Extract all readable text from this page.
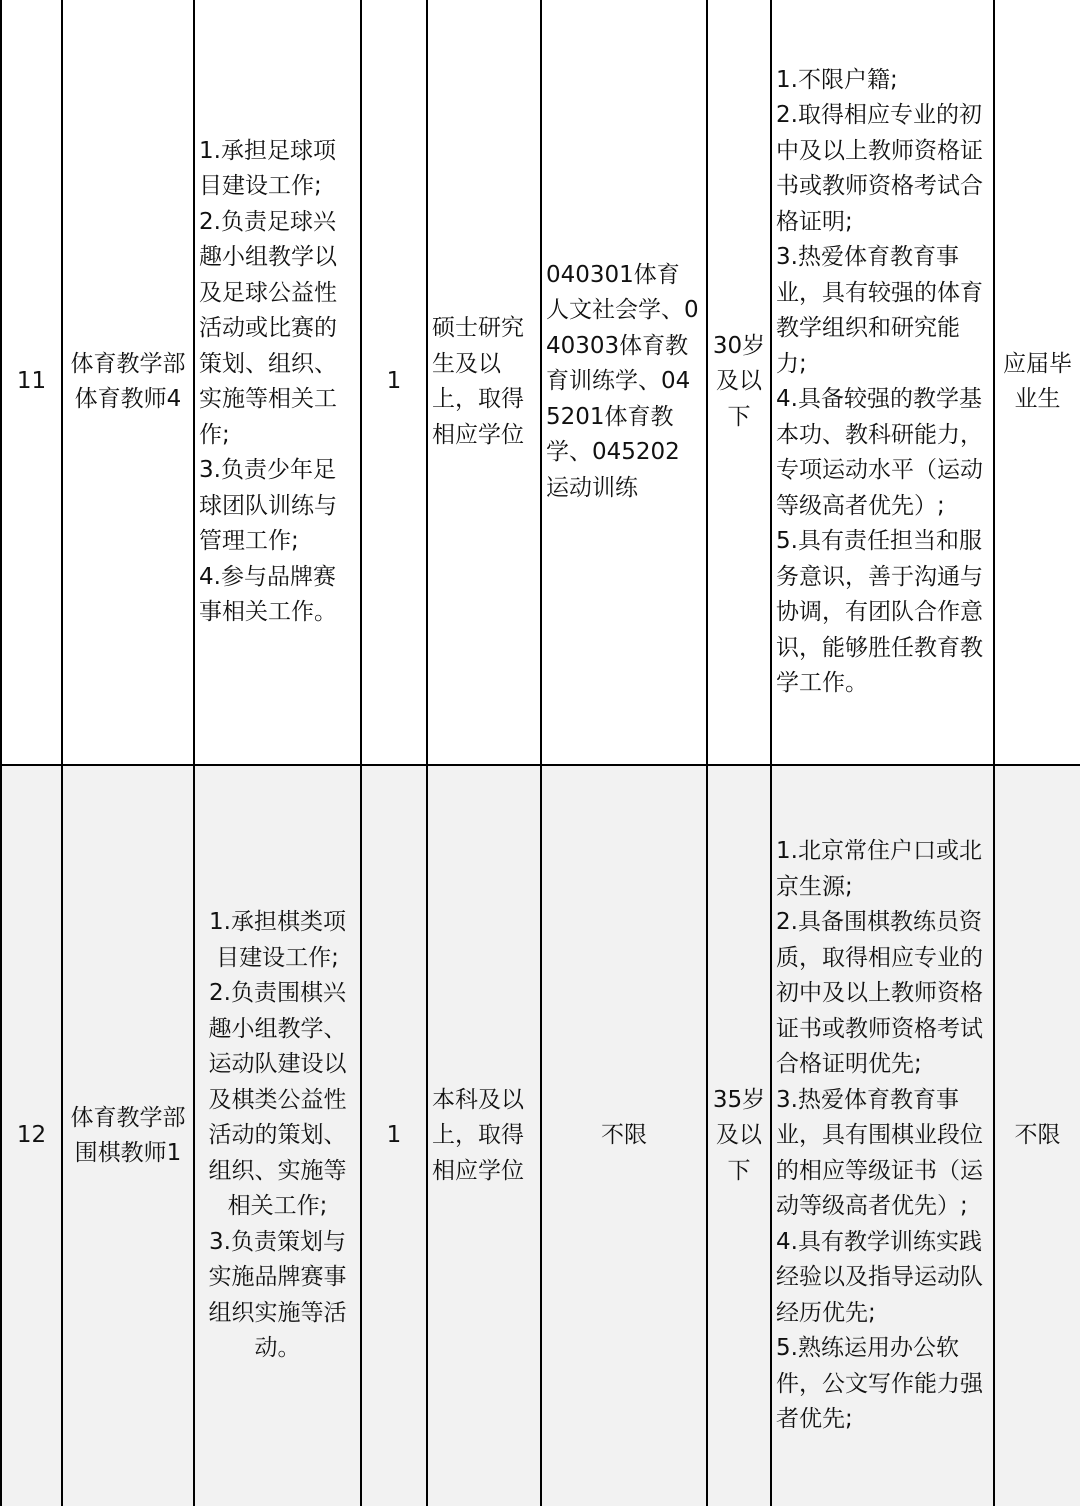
11	体育教学部体育教师4	1.承担足球项目建设工作;
2.负责足球兴趣小组教学以及足球公益性活动或比赛的策划、组织、实施等相关工作;
3.负责少年足球团队训练与管理工作;
4.参与品牌赛事相关工作。	1	硕士研究生及以上，取得相应学位	040301体育人文社会学、040303体育教育训练学、045201体育教学、045202运动训练	30岁及以下	1.不限户籍;
2.取得相应专业的初中及以上教师资格证书或教师资格考试合格证明;
3.热爱体育教育事业，具有较强的体育教学组织和研究能力;
4.具备较强的教学基本功、教科研能力，专项运动水平（运动等级高者优先）;
5.具有责任担当和服务意识，善于沟通与协调，有团队合作意识，能够胜任教育教学工作。	应届毕业生
12	体育教学部围棋教师1	1.承担棋类项目建设工作;
2.负责围棋兴趣小组教学、运动队建设以及棋类公益性活动的策划、组织、实施等相关工作;
3.负责策划与实施品牌赛事组织实施等活动。	1	本科及以上，取得相应学位	不限	35岁及以下	1.北京常住户口或北京生源;
2.具备围棋教练员资质，取得相应专业的初中及以上教师资格证书或教师资格考试合格证明优先;
3.热爱体育教育事业，具有围棋业段位的相应等级证书（运动等级高者优先）;
4.具有教学训练实践经验以及指导运动队经历优先;
5.熟练运用办公软件，公文写作能力强者优先;	不限
